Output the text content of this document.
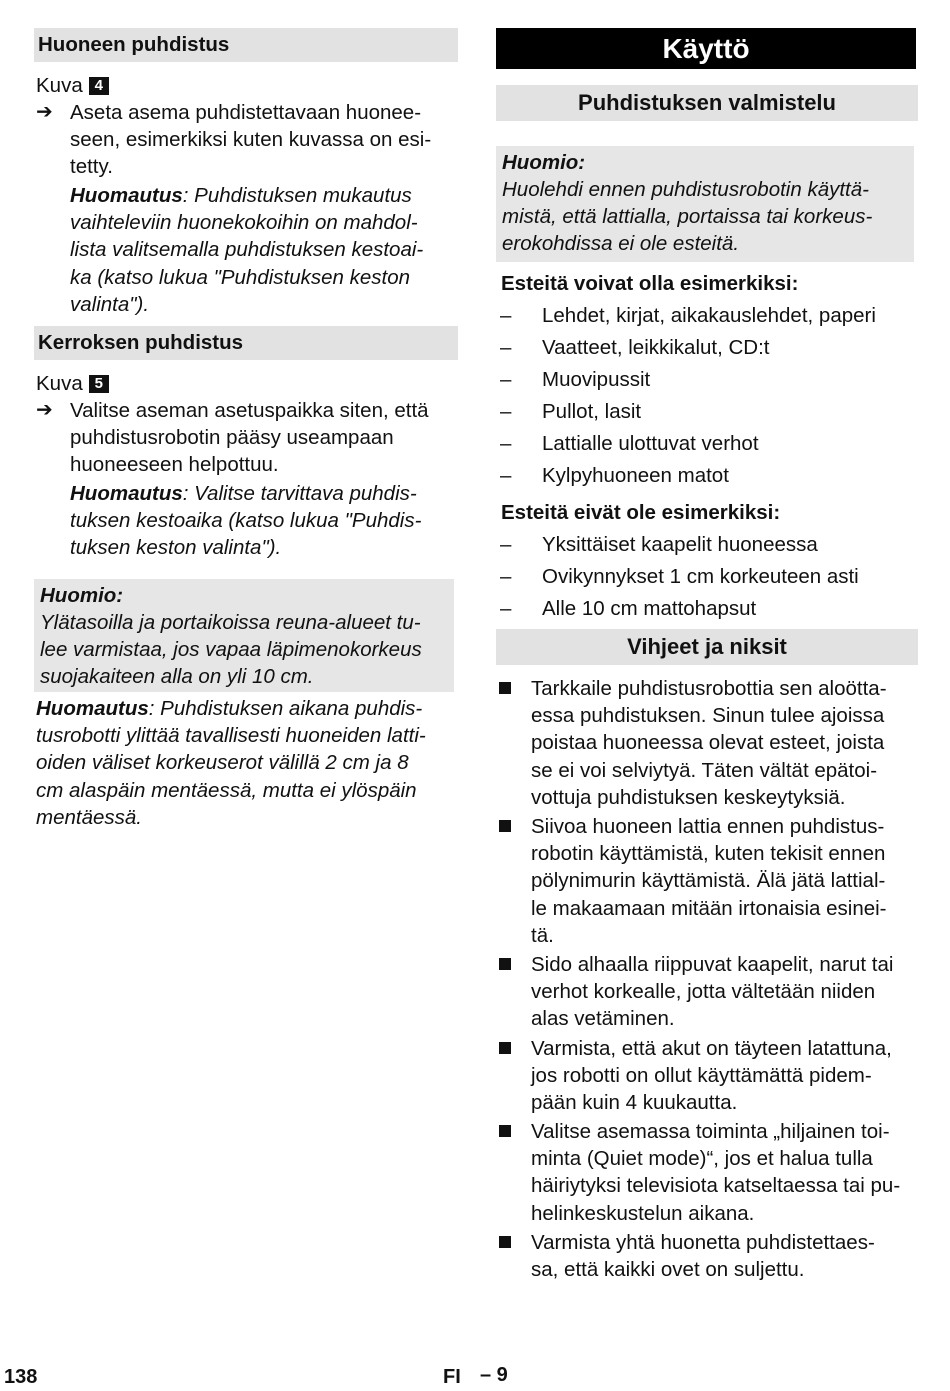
Huoneen puhdistus
Kuva 4
➔ Aseta asema puhdistettavaan huonee-
seen, esimerkiksi kuten kuvassa on esi-
tetty.
Huomautus: Puhdistuksen mukautus
vaihteleviin huonekokoihin on mahdol-
lista valitsemalla puhdistuksen kestoai-
ka (katso lukua "Puhdistuksen keston
valinta").
Kerroksen puhdistus
Kuva 5
➔ Valitse aseman asetuspaikka siten, että
puhdistusrobotin pääsy useampaan
huoneeseen helpottuu.
Huomautus: Valitse tarvittava puhdis-
tuksen kestoaika (katso lukua "Puhdis-
tuksen keston valinta").
Huomio:
Ylätasoilla ja portaikoissa reuna-alueet tu-
lee varmistaa, jos vapaa läpimenokorkeus
suojakaiteen alla on yli 10 cm.
Huomautus: Puhdistuksen aikana puhdis-
tusrobotti ylittää tavallisesti huoneiden latti-
oiden väliset korkeuserot välillä 2 cm ja 8
cm alaspäin mentäessä, mutta ei ylöspäin
mentäessä.
Käyttö
Puhdistuksen valmistelu
Huomio:
Huolehdi ennen puhdistusrobotin käyttä-
mistä, että lattialla, portaissa tai korkeus-
erokohdissa ei ole esteitä.
Esteitä voivat olla esimerkiksi:
– Lehdet, kirjat, aikakauslehdet, paperi
– Vaatteet, leikkikalut, CD:t
– Muovipussit
– Pullot, lasit
– Lattialle ulottuvat verhot
– Kylpyhuoneen matot
Esteitä eivät ole esimerkiksi:
– Yksittäiset kaapelit huoneessa
– Ovikynnykset 1 cm korkeuteen asti
– Alle 10 cm mattohapsut
Vihjeet ja niksit
Tarkkaile puhdistusrobottia sen aloötta-
essa puhdistuksen. Sinun tulee ajoissa
poistaa huoneessa olevat esteet, joista
se ei voi selviytyä. Täten vältät epätoi-
vottuja puhdistuksen keskeytyksiä.
Siivoa huoneen lattia ennen puhdistus-
robotin käyttämistä, kuten tekisit ennen
pölynimurin käyttämistä. Älä jätä lattial-
le makaamaan mitään irtonaisia esinei-
tä.
Sido alhaalla riippuvat kaapelit, narut tai
verhot korkealle, jotta vältetään niiden
alas vetäminen.
Varmista, että akut on täyteen latattuna,
jos robotti on ollut käyttämättä pidem-
pään kuin 4 kuukautta.
Valitse asemassa toiminta „hiljainen toi-
minta (Quiet mode)“, jos et halua tulla
häiriytyksi televisiota katseltaessa tai pu-
helinkeskustelun aikana.
Varmista yhtä huonetta puhdistettaes-
sa, että kaikki ovet on suljettu.
138	FI – 9
